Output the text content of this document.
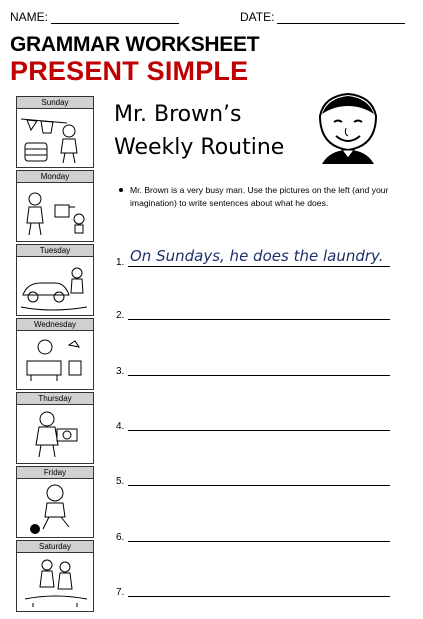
NAME:	DATE:
GRAMMAR WORKSHEET
PRESENT SIMPLE
Sunday
Monday
Tuesday
Wednesday
Thursday
Friday
Saturday
Mr. Brown’s
Weekly Routine
Mr. Brown is a very busy man. Use the pictures on the left (and your imagination) to write sentences about what he does.
1. On Sundays, he does the laundry.
2.
3.
4.
5.
6.
7.
